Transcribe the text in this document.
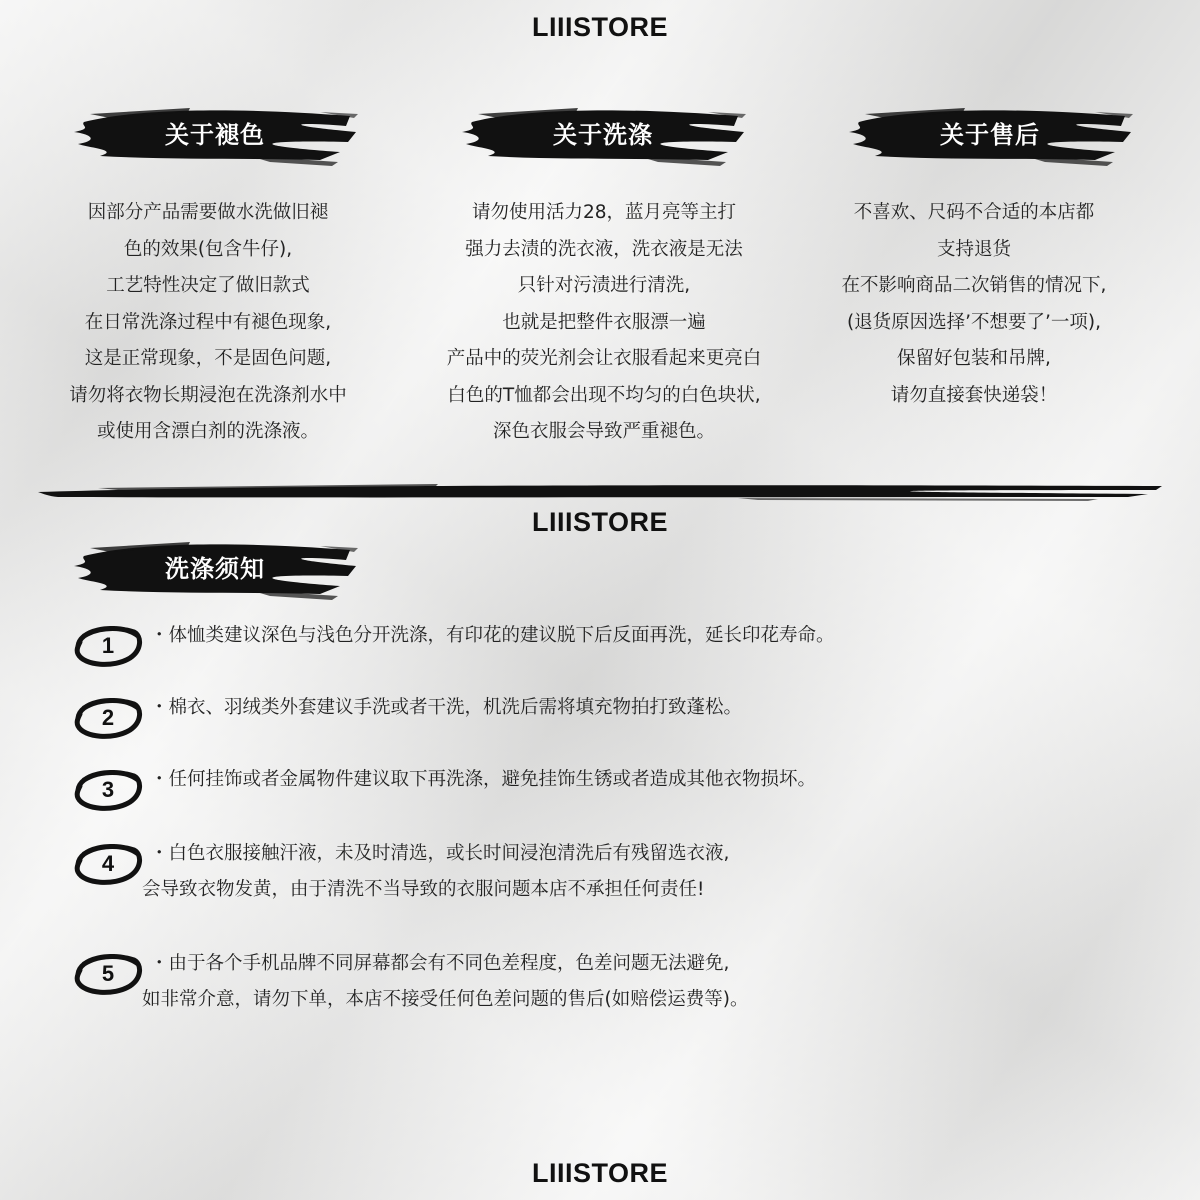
LIIISTORE
LIIISTORE
LIIISTORE
关于褪色	关于洗涤	关于售后

因部分产品需要做水洗做旧褪

色的效果(包含牛仔),

工艺特性决定了做旧款式

在日常洗涤过程中有褪色现象,

这是正常现象，不是固色问题,

请勿将衣物长期浸泡在洗涤剂水中

或使用含漂白剂的洗涤液。

请勿使用活力28，蓝月亮等主打

强力去渍的洗衣液，洗衣液是无法

只针对污渍进行清洗,

也就是把整件衣服漂一遍

产品中的荧光剂会让衣服看起来更亮白

白色的T恤都会出现不均匀的白色块状,

深色衣服会导致严重褪色。

不喜欢、尺码不合适的本店都

支持退货

在不影响商品二次销售的情况下,

(退货原因选择’不想要了’一项),

保留好包装和吊牌,

请勿直接套快递袋！

洗涤须知
1	・体恤类建议深色与浅色分开洗涤，有印花的建议脱下后反面再洗，延长印花寿命。

2	・棉衣、羽绒类外套建议手洗或者干洗，机洗后需将填充物拍打致蓬松。

3	・任何挂饰或者金属物件建议取下再洗涤，避免挂饰生锈或者造成其他衣物损坏。

4	・白色衣服接触汗液，未及时清选，或长时间浸泡清洗后有残留选衣液,

会导致衣物发黄，由于清洗不当导致的衣服问题本店不承担任何责任!

5	・由于各个手机品牌不同屏幕都会有不同色差程度，色差问题无法避免,

如非常介意，请勿下单，本店不接受任何色差问题的售后(如赔偿运费等)。
